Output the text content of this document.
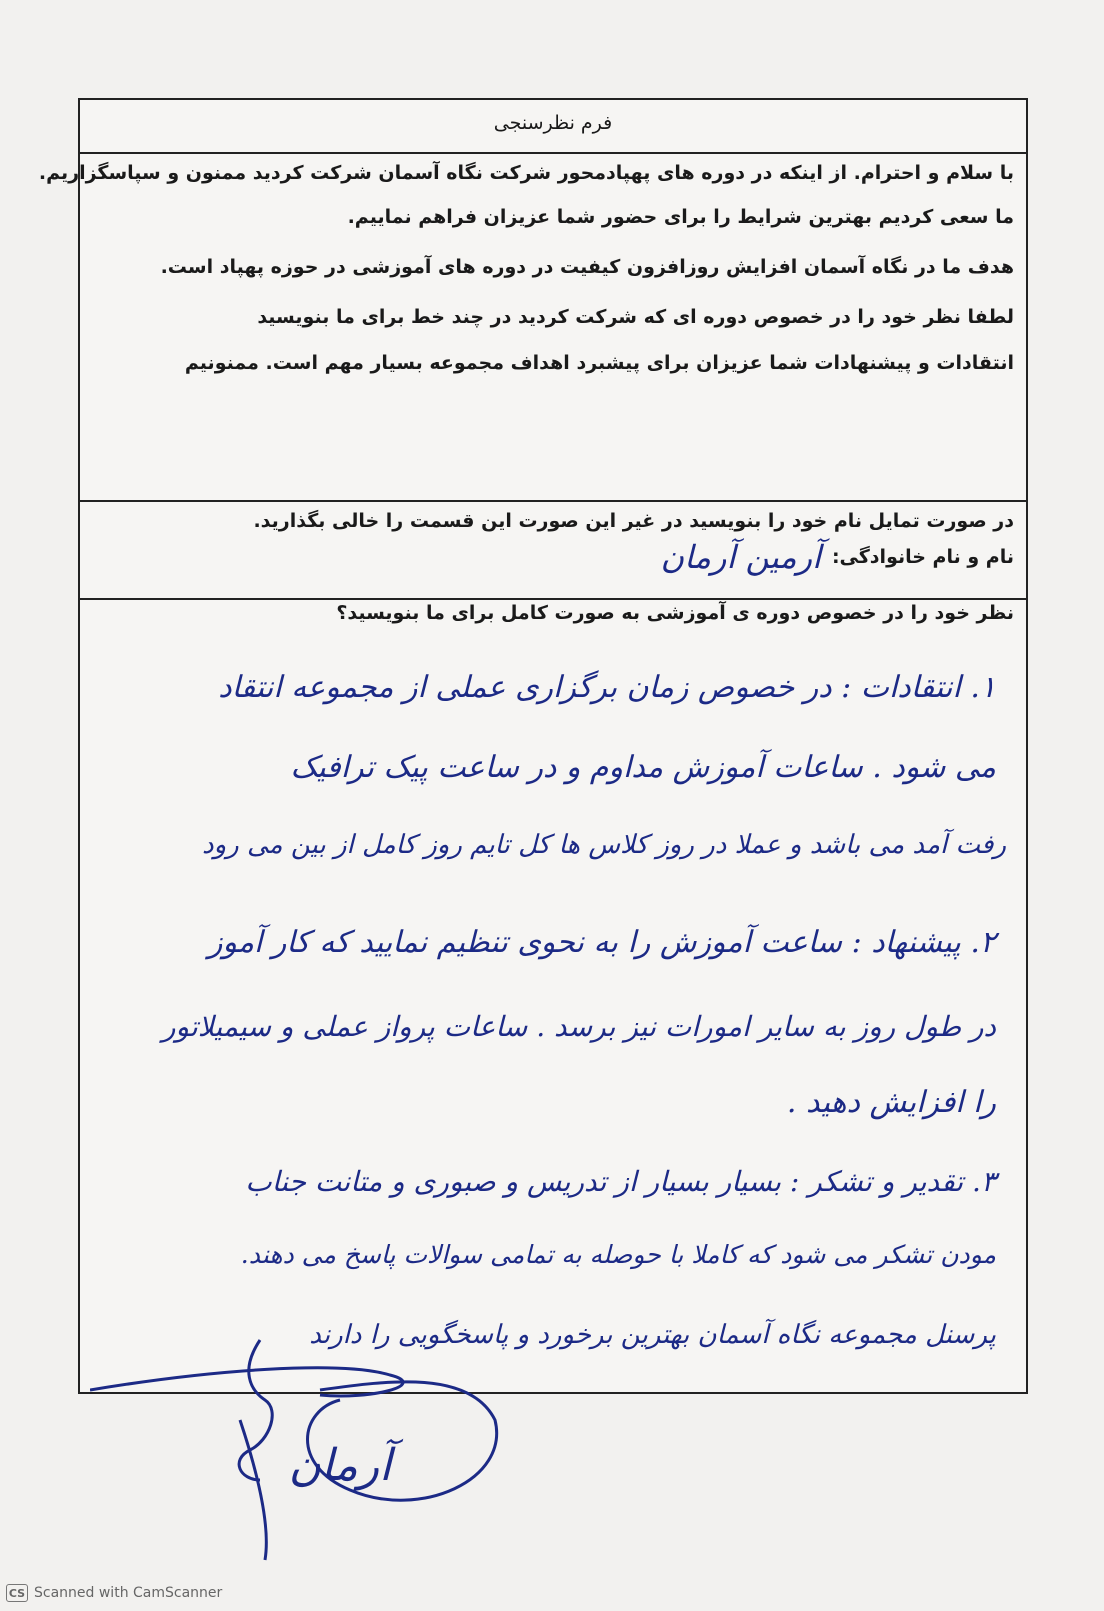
فرم نظرسنجی
با سلام و احترام. از اینکه در دوره های پهپادمحور شرکت نگاه آسمان شرکت کردید ممنون و سپاسگزاریم.
ما سعی کردیم بهترین شرایط را برای حضور شما عزیزان فراهم نماییم.
هدف ما در نگاه آسمان افزایش روزافزون کیفیت در دوره های آموزشی در حوزه پهپاد است.
لطفا نظر خود را در خصوص دوره ای که شرکت کردید در چند خط برای ما بنویسید
انتقادات و پیشنهادات شما عزیزان برای پیشبرد اهداف مجموعه بسیار مهم است. ممنونیم
در صورت تمایل نام خود را بنویسید در غیر این صورت این قسمت را خالی بگذارید.
نام و نام خانوادگی:
آرمین آرمان
نظر خود را در خصوص دوره ی آموزشی به صورت کامل برای ما بنویسید؟
۱. انتقادات : در خصوص زمان برگزاری عملی از مجموعه انتقاد
می شود . ساعات آموزش مداوم و در ساعت پیک ترافیک
رفت آمد می باشد و عملا در روز کلاس ها کل تایم روز کامل از بین می رود
۲. پیشنهاد : ساعت آموزش را به نحوی تنظیم نمایید که کار آموز
در طول روز به سایر امورات نیز برسد . ساعات پرواز عملی و سیمیلاتور
را افزایش دهید .
۳. تقدیر و تشکر : بسیار بسیار از تدریس و صبوری و متانت جناب
مودن تشکر می شود که کاملا با حوصله به تمامی سوالات پاسخ می دهند.
پرسنل مجموعه نگاه آسمان بهترین برخورد و پاسخگویی را دارند
آرمان
CS Scanned with CamScanner
